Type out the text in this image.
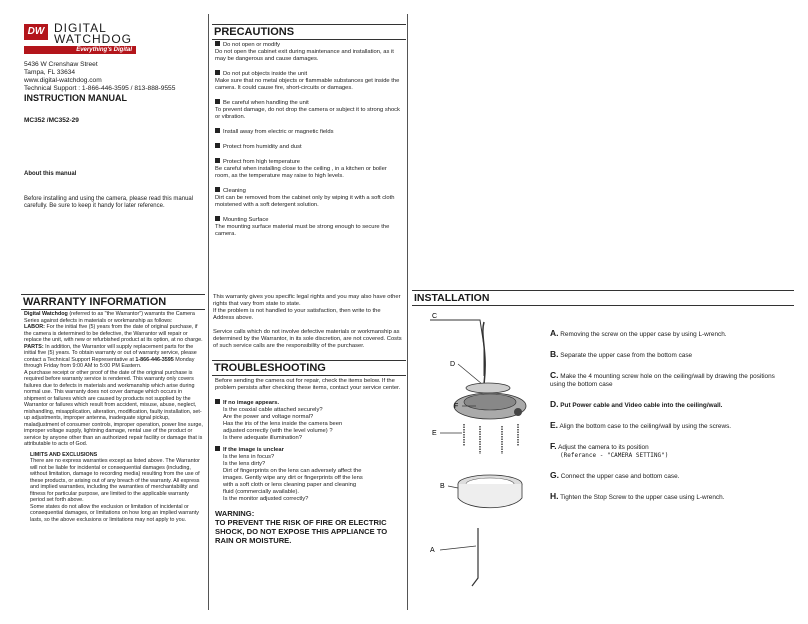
DW DIGITAL
WATCHDOG
Everything's Digital
5436 W Crenshaw Street
Tampa, FL 33634
www.digital-watchdog.com
Technical Support : 1-866-446-3595 / 813-888-9555
INSTRUCTION MANUAL
MC352 /MC352-29
About this manual
Before installing and using the camera, please read this manual carefully. Be sure to keep it handy for later reference.
WARRANTY INFORMATION
Digital Watchdog (referred to as "the Warrantor") warrants the Camera Series against defects in materials or workmanship as follows:
LABOR: For the initial five (5) years from the date of original purchase, if the camera is determined to be defective, the Warrantor will repair or replace the unit, with new or refurbished product at its option, at no charge.
PARTS: In addition, the Warrantor will supply replacement parts for the initial five (5) years. To obtain warranty or out of warranty service, please contact a Technical Support Representative at 1-866-446-3595 Monday through Friday from 9:00 AM to 5:00 PM Eastern.
A purchase receipt or other proof of the date of the original purchase is required before warranty service is rendered. This warranty only covers failures due to defects in materials and workmanship which arise during normal use. This warranty does not cover damage which occurs in shipment or failures which are caused by products not supplied by the Warrantor or failures which result from accident, misuse, abuse, neglect, mishandling, misapplication, alteration, modification, faulty installation, set-up adjustments, improper antenna, inadequate signal pickup, maladjustment of consumer controls, improper operation, power line surge, improper voltage supply, lightning damage, rental use of the product or service by anyone other than an authorized repair facility or damage that is attributable to acts of God.
LIMITS AND EXCLUSIONS
There are no express warranties except as listed above. The Warrantor will not be liable for incidental or consequential damages (including, without limitation, damage to recording media) resulting from the use of these products, or arising out of any breach of the warranty. All express and implied warranties, including the warranties of merchantability and fitness for particular purpose, are limited to the applicable warranty period set forth above.
Some states do not allow the exclusion or limitation of incidental or consequential damages, or limitations on how long an implied warranty lasts, so the above exclusions or limitations may not apply to you.
PRECAUTIONS
Do not open or modify
Do not open the cabinet exit during maintenance and installation, as it may be dangerous and cause damages.
Do not put objects inside the unit
Make sure that no metal objects or flammable substances get inside the camera. It could cause fire, short-circuits or damages.
Be careful when handling the unit
To prevent damage, do not drop the camera or subject it to strong shock or vibration.
Install away from electric or magnetic fields
Protect from humidity and dust
Protect from high temperature
Be careful when installing close to the ceiling , in a kitchen or boiler room, as the temperature may raise to high levels.
Cleaning
Dirt can be removed from the cabinet only by wiping it with a soft cloth moistened with a soft detergent solution.
Mounting Surface
The mounting surface material must be strong enough to secure the camera.
This warranty gives you specific legal rights and you may also have other rights that vary from state to state.
If the problem is not handled to your satisfaction, then write to the Address above.
Service calls which do not involve defective materials or workmanship as determined by the Warrantor, in its sole discretion, are not covered. Costs of such service calls are the responsibility of the purchaser.
TROUBLESHOOTING
Before sending the camera out for repair, check the items below. If the problem persists after checking these items, contact your service center.
If no image appears.
Is the coaxial cable attached securely?
Are the power and voltage normal?
Has the iris of the lens inside the camera been
adjusted correctly (with the level volume) ?
Is there adequate illumination?
If the image is unclear
Is the lens in focus?
Is the lens dirty?
Dirt of fingerprints on the lens can adversely affect the
images. Gently wipe any dirt or fingerprints off the lens
with a soft cloth or lens cleaning paper and cleaning
fluid (commercially available).
Is the monitor adjusted correctly?
WARNING:
TO PREVENT THE RISK OF FIRE OR ELECTRIC SHOCK, DO NOT EXPOSE THIS APPLIANCE TO RAIN OR MOISTURE.
INSTALLATION
C
D
F
E
B
A
A. Removing the screw on the upper case by using L-wrench.
B. Separate the upper case from the bottom case
C. Make the 4 mounting screw hole on the ceiling/wall by drawing the positions using the bottom case
D. Put Power cable and Video cable into the ceiling/wall.
E. Align the bottom case to the ceiling/wall by using the screws.
F. Adjust the camera to its position
(Referance - "CAMERA SETTING")
G. Connect the upper case and bottom case.
H. Tighten the Stop Screw to the upper case using L-wrench.
